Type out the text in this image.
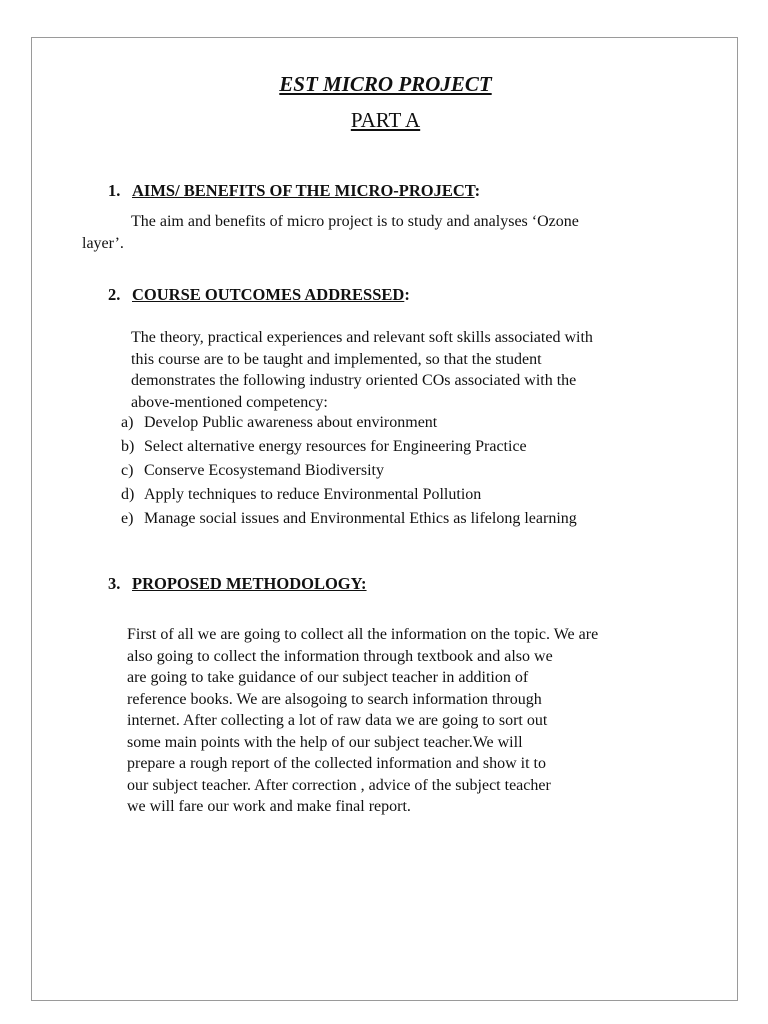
EST MICRO PROJECT
PART A
1. AIMS/ BENEFITS OF THE MICRO-PROJECT:
The aim and benefits of micro project is to study and analyses ‘Ozone
layer’.
2. COURSE OUTCOMES ADDRESSED:
The theory, practical experiences and relevant soft skills associated with
this course are to be taught and implemented, so that the student
demonstrates the following industry oriented COs associated with the
above-mentioned competency:
a) Develop Public awareness about environment
b) Select alternative energy resources for Engineering Practice
c) Conserve Ecosystemand Biodiversity
d) Apply techniques to reduce Environmental Pollution
e) Manage social issues and Environmental Ethics as lifelong learning
3. PROPOSED METHODOLOGY:
First of all we are going to collect all the information on the topic. We are
also going to collect the information through textbook and also we
are going to take guidance of our subject teacher in addition of
reference books. We are alsogoing to search information through
internet. After collecting a lot of raw data we are going to sort out
some main points with the help of our subject teacher.We will
prepare a rough report of the collected information and show it to
our subject teacher. After correction , advice of the subject teacher
we will fare our work and make final report.
